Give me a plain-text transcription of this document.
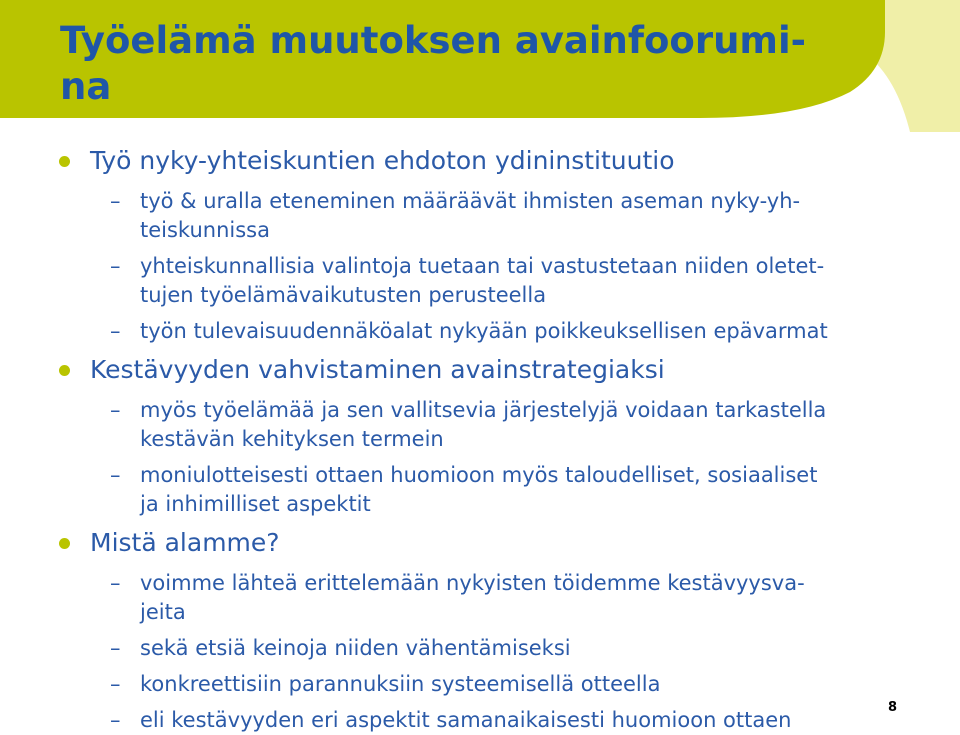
Työelämä muutoksen avainfoorumi-
na

Työ nyky-yhteiskuntien ehdoton ydininstituutio

– työ & uralla eteneminen määräävät ihmisten aseman nyky-yh-
teiskunnissa

– yhteiskunnallisia valintoja tuetaan tai vastustetaan niiden oletet-
tujen työelämävaikutusten perusteella

– työn tulevaisuudennäköalat nykyään poikkeuksellisen epävarmat

Kestävyyden vahvistaminen avainstrategiaksi

– myös työelämää ja sen vallitsevia järjestelyjä voidaan tarkastella
kestävän kehityksen termein

– moniulotteisesti ottaen huomioon myös taloudelliset, sosiaaliset
ja inhimilliset aspektit

Mistä alamme?

– voimme lähteä erittelemään nykyisten töidemme kestävyysva-
jeita

– sekä etsiä keinoja niiden vähentämiseksi

– konkreettisiin parannuksiin systeemisellä otteella

– eli kestävyyden eri aspektit samanaikaisesti huomioon ottaen

8
